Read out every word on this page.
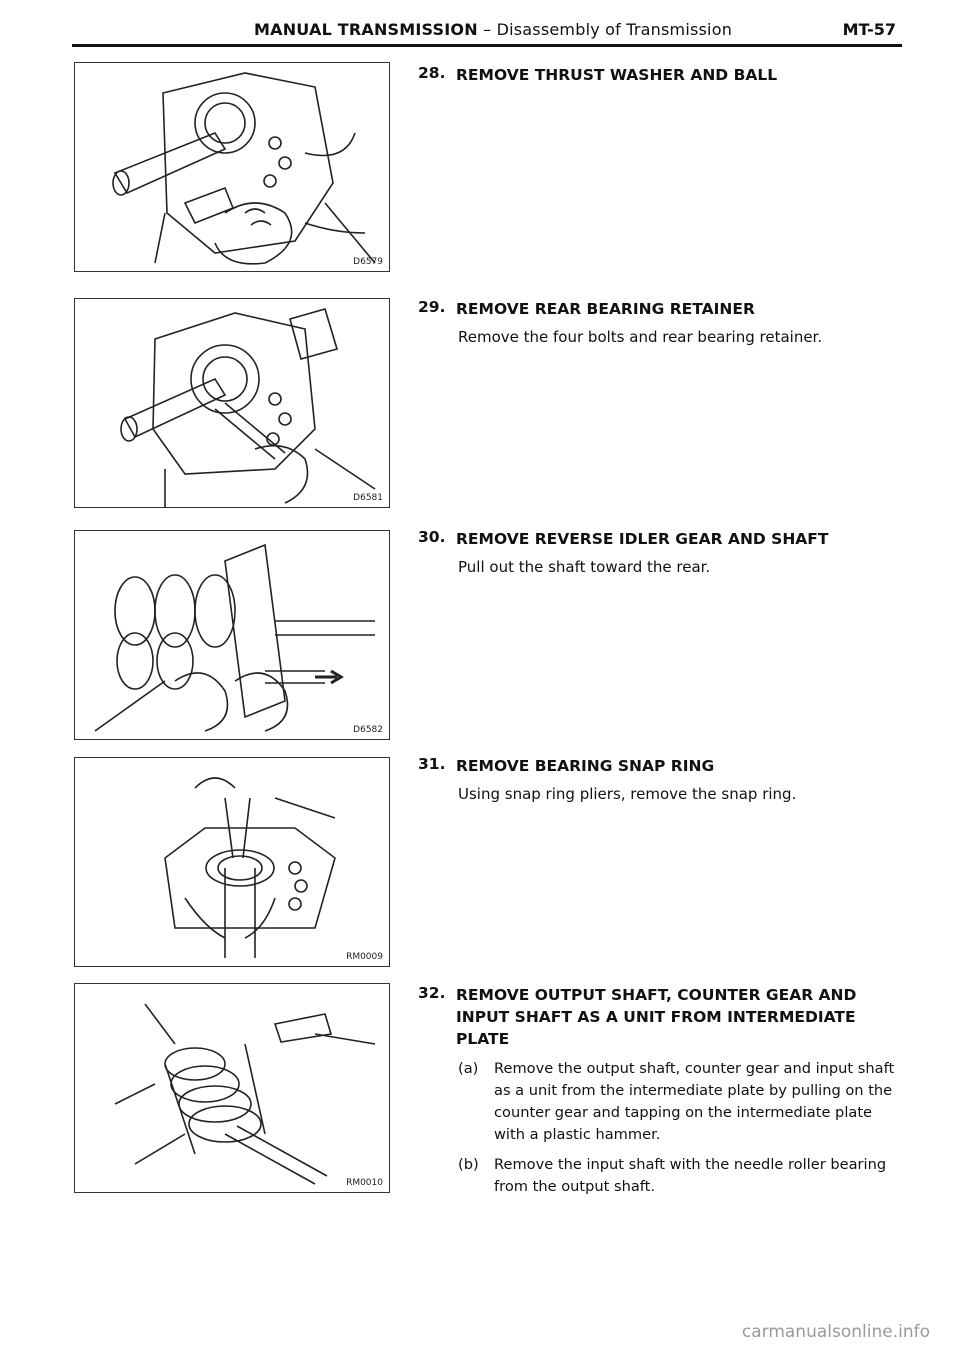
MANUAL TRANSMISSION – Disassembly of Transmission	MT-57
D6579
D6581
D6582
RM0009
RM0010
28. REMOVE THRUST WASHER AND BALL
29. REMOVE REAR BEARING RETAINER
Remove the four bolts and rear bearing retainer.
30. REMOVE REVERSE IDLER GEAR AND SHAFT
Pull out the shaft toward the rear.
31. REMOVE BEARING SNAP RING
Using snap ring pliers, remove the snap ring.
32. REMOVE OUTPUT SHAFT, COUNTER GEAR AND INPUT SHAFT AS A UNIT FROM INTERMEDIATE PLATE
(a) Remove the output shaft, counter gear and input shaft as a unit from the intermediate plate by pulling on the counter gear and tapping on the intermediate plate with a plastic hammer.
(b) Remove the input shaft with the needle roller bearing from the output shaft.
carmanualsonline.info
